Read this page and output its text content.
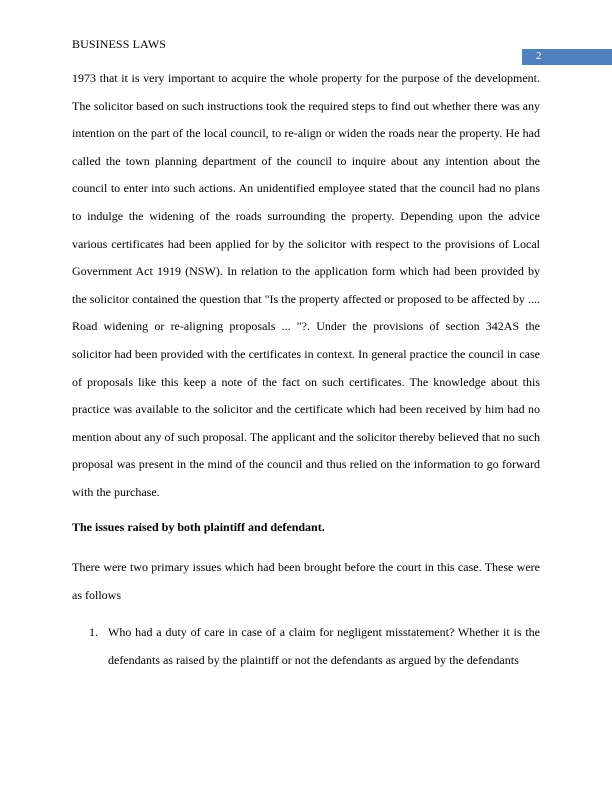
BUSINESS LAWS
2

1973 that it is very important to acquire the whole property for the purpose of the development. The solicitor based on such instructions took the required steps to find out whether there was any intention on the part of the local council, to re-align or widen the roads near the property. He had called the town planning department of the council to inquire about any intention about the council to enter into such actions. An unidentified employee stated that the council had no plans to indulge the widening of the roads surrounding the property. Depending upon the advice various certificates had been applied for by the solicitor with respect to the provisions of Local Government Act 1919 (NSW). In relation to the application form which had been provided by the solicitor contained the question that "Is the property affected or proposed to be affected by .... Road widening or re-aligning proposals ... "?. Under the provisions of section 342AS the solicitor had been provided with the certificates in context. In general practice the council in case of proposals like this keep a note of the fact on such certificates. The knowledge about this practice was available to the solicitor and the certificate which had been received by him had no mention about any of such proposal. The applicant and the solicitor thereby believed that no such proposal was present in the mind of the council and thus relied on the information to go forward with the purchase.

The issues raised by both plaintiff and defendant.

There were two primary issues which had been brought before the court in this case. These were as follows

1. Who had a duty of care in case of a claim for negligent misstatement? Whether it is the defendants as raised by the plaintiff or not the defendants as argued by the defendants
